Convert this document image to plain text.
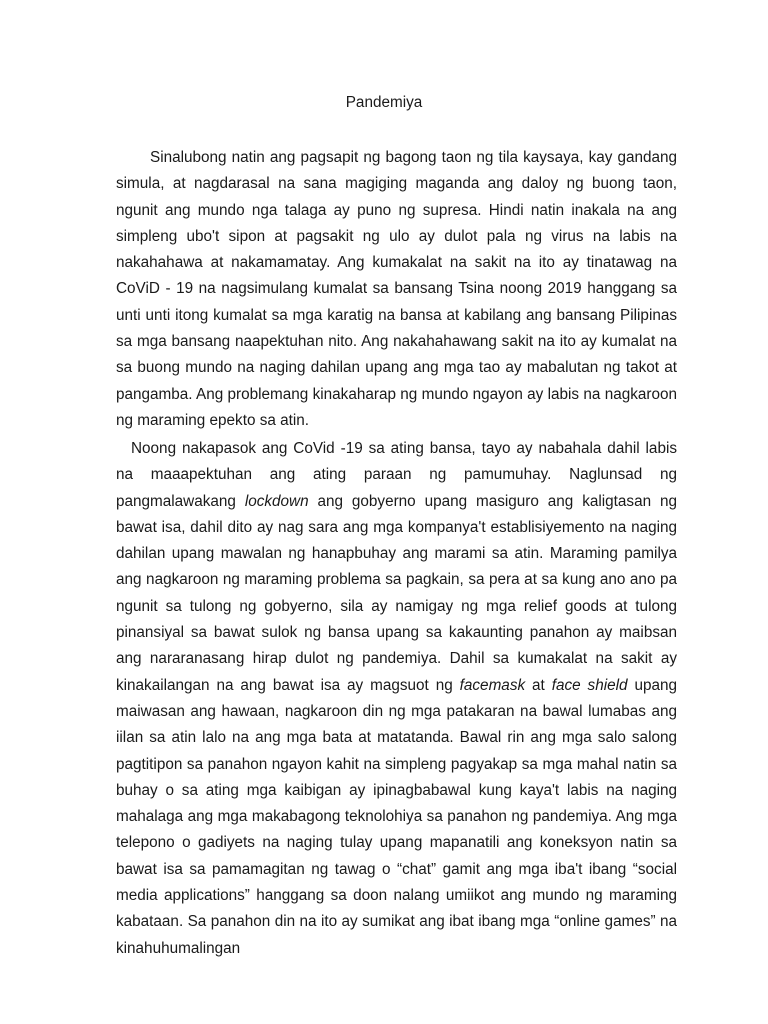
Pandemiya

Sinalubong natin ang pagsapit ng bagong taon ng tila kaysaya, kay gandang simula, at nagdarasal na sana magiging maganda ang daloy ng buong taon, ngunit ang mundo nga talaga ay puno ng supresa. Hindi natin inakala na ang simpleng ubo't sipon at pagsakit ng ulo ay dulot pala ng virus na labis na nakahahawa at nakamamatay. Ang kumakalat na sakit na ito ay tinatawag na CoViD - 19 na nagsimulang kumalat sa bansang Tsina noong 2019 hanggang sa unti unti itong kumalat sa mga karatig na bansa at kabilang ang bansang Pilipinas sa mga bansang naapektuhan nito. Ang nakahahawang sakit na ito ay kumalat na sa buong mundo na naging dahilan upang ang mga tao ay mabalutan ng takot at pangamba. Ang problemang kinakaharap ng mundo ngayon ay labis na nagkaroon ng maraming epekto sa atin.

Noong nakapasok ang CoVid -19 sa ating bansa, tayo ay nabahala dahil labis na maaapektuhan ang ating paraan ng pamumuhay. Naglunsad ng pangmalawakang lockdown ang gobyerno upang masiguro ang kaligtasan ng bawat isa, dahil dito ay nag sara ang mga kompanya't establisiyemento na naging dahilan upang mawalan ng hanapbuhay ang marami sa atin. Maraming pamilya ang nagkaroon ng maraming problema sa pagkain, sa pera at sa kung ano ano pa ngunit sa tulong ng gobyerno, sila ay namigay ng mga relief goods at tulong pinansiyal sa bawat sulok ng bansa upang sa kakaunting panahon ay maibsan ang nararanasang hirap dulot ng pandemiya. Dahil sa kumakalat na sakit ay kinakailangan na ang bawat isa ay magsuot ng facemask at face shield upang maiwasan ang hawaan, nagkaroon din ng mga patakaran na bawal lumabas ang iilan sa atin lalo na ang mga bata at matatanda. Bawal rin ang mga salo salong pagtitipon sa panahon ngayon kahit na simpleng pagyakap sa mga mahal natin sa buhay o sa ating mga kaibigan ay ipinagbabawal kung kaya't labis na naging mahalaga ang mga makabagong teknolohiya sa panahon ng pandemiya. Ang mga telepono o gadiyets na naging tulay upang mapanatili ang koneksyon natin sa bawat isa sa pamamagitan ng tawag o “chat” gamit ang mga iba't ibang “social media applications” hanggang sa doon nalang umiikot ang mundo ng maraming kabataan. Sa panahon din na ito ay sumikat ang ibat ibang mga “online games” na kinahuhumalingan
